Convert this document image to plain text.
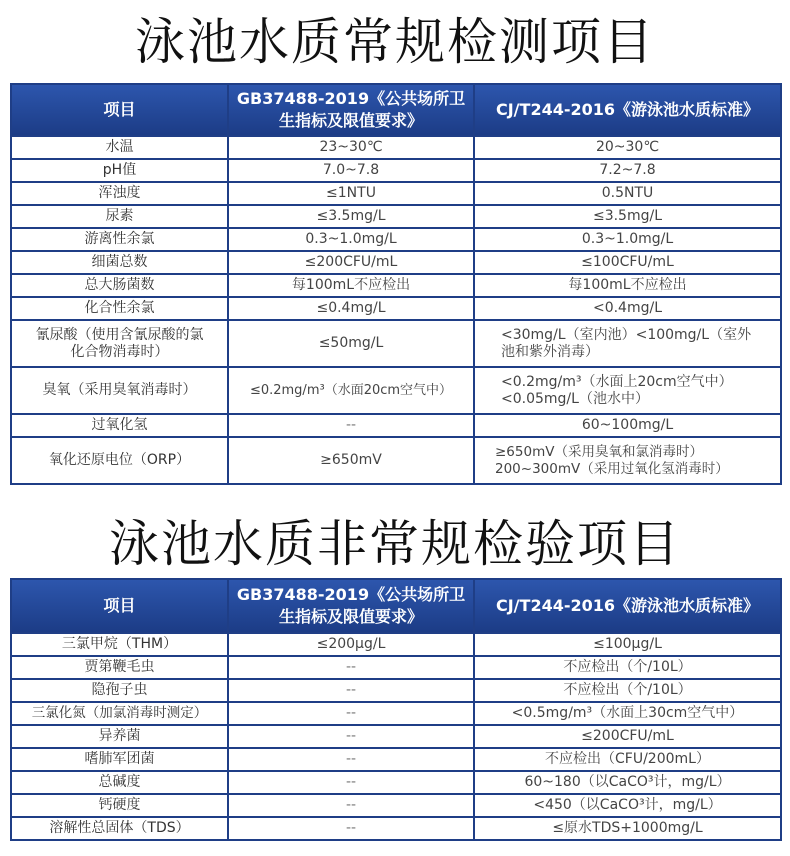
泳池水质常规检测项目
项目	GB37488-2019《公共场所卫生指标及限值要求》	CJ/T244-2016《游泳池水质标准》
水温	23~30℃	20~30℃
pH值	7.0~7.8	7.2~7.8
浑浊度	≤1NTU	0.5NTU
尿素	≤3.5mg/L	≤3.5mg/L
游离性余氯	0.3~1.0mg/L	0.3~1.0mg/L
细菌总数	≤200CFU/mL	≤100CFU/mL
总大肠菌数	每100mL不应检出	每100mL不应检出
化合性余氯	≤0.4mg/L	<0.4mg/L
氰尿酸（使用含氰尿酸的氯化合物消毒时）	≤50mg/L	<30mg/L（室内池）<100mg/L（室外池和紫外消毒）
臭氧（采用臭氧消毒时）	≤0.2mg/m³（水面20cm空气中）	<0.2mg/m³（水面上20cm空气中）<0.05mg/L（池水中）
过氧化氢	--	60~100mg/L
氧化还原电位（ORP）	≥650mV	≥650mV（采用臭氧和氯消毒时）200~300mV（采用过氧化氢消毒时）
泳池水质非常规检验项目
项目	GB37488-2019《公共场所卫生指标及限值要求》	CJ/T244-2016《游泳池水质标准》
三氯甲烷（THM）	≤200μg/L	≤100μg/L
贾第鞭毛虫	--	不应检出（个/10L）
隐孢子虫	--	不应检出（个/10L）
三氯化氮（加氯消毒时测定）	--	<0.5mg/m³（水面上30cm空气中）
异养菌	--	≤200CFU/mL
嗜肺军团菌	--	不应检出（CFU/200mL）
总碱度	--	60~180（以CaCO³计，mg/L）
钙硬度	--	<450（以CaCO³计，mg/L）
溶解性总固体（TDS）	--	≤原水TDS+1000mg/L
